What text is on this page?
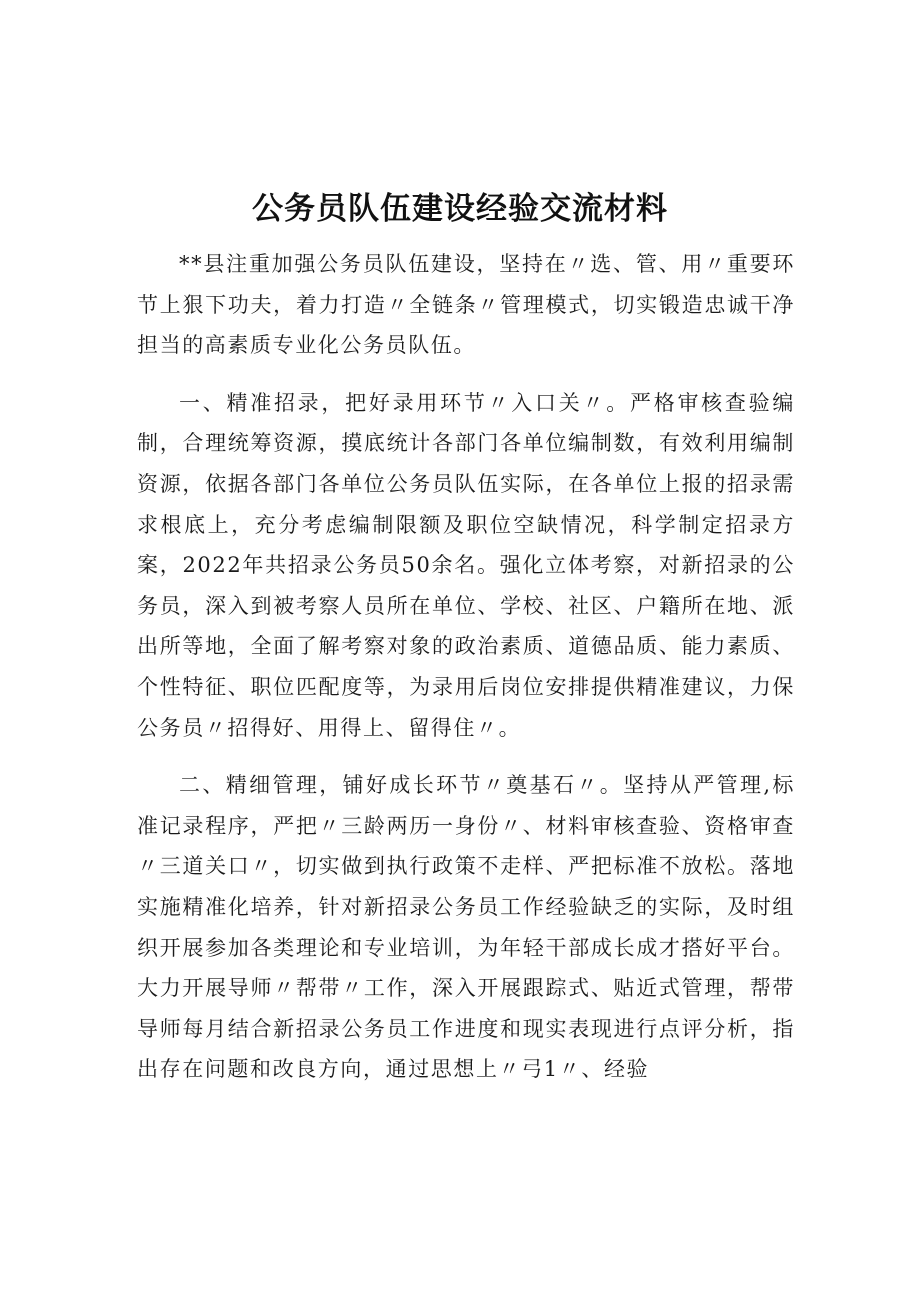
公务员队伍建设经验交流材料

**县注重加强公务员队伍建设，坚持在〃选、管、用〃重要环节上狠下功夫，着力打造〃全链条〃管理模式，切实锻造忠诚干净担当的高素质专业化公务员队伍。

一、精准招录，把好录用环节〃入口关〃。严格审核查验编制，合理统筹资源，摸底统计各部门各单位编制数，有效利用编制资源，依据各部门各单位公务员队伍实际，在各单位上报的招录需求根底上，充分考虑编制限额及职位空缺情况，科学制定招录方案，2022年共招录公务员50余名。强化立体考察，对新招录的公务员，深入到被考察人员所在单位、学校、社区、户籍所在地、派出所等地，全面了解考察对象的政治素质、道德品质、能力素质、个性特征、职位匹配度等，为录用后岗位安排提供精准建议，力保公务员〃招得好、用得上、留得住〃。

二、精细管理，铺好成长环节〃奠基石〃。坚持从严管理,标准记录程序，严把〃三龄两历一身份〃、材料审核查验、资格审查〃三道关口〃，切实做到执行政策不走样、严把标准不放松。落地实施精准化培养，针对新招录公务员工作经验缺乏的实际，及时组织开展参加各类理论和专业培训，为年轻干部成长成才搭好平台。大力开展导师〃帮带〃工作，深入开展跟踪式、贴近式管理，帮带导师每月结合新招录公务员工作进度和现实表现进行点评分析，指出存在问题和改良方向，通过思想上〃弓1〃、经验
